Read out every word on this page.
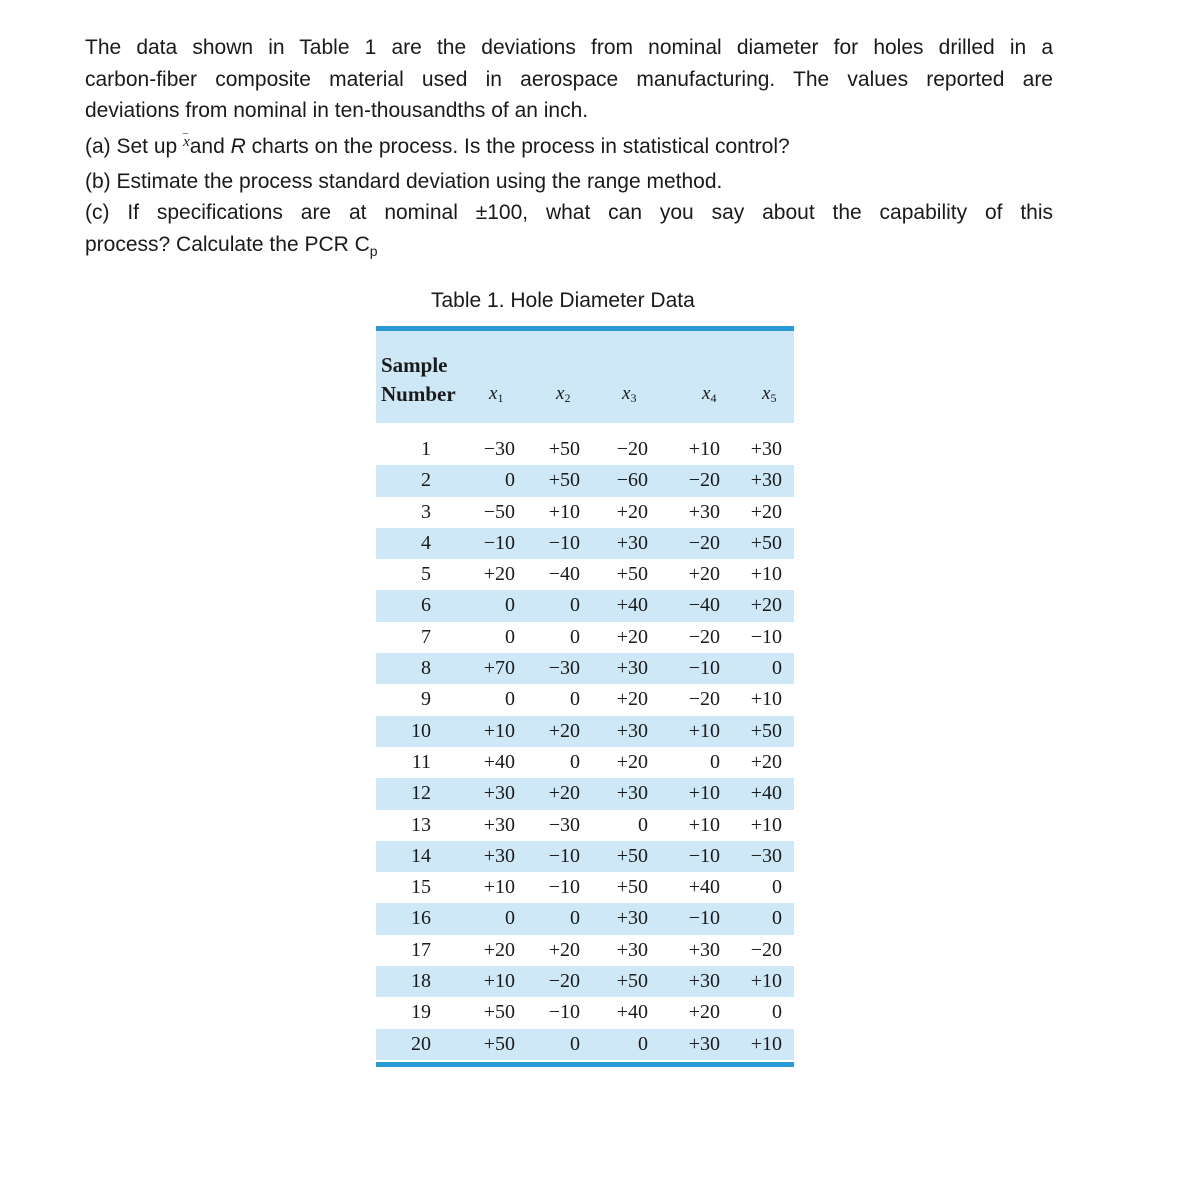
The data shown in Table 1 are the deviations from nominal diameter for holes drilled in a
carbon-fiber composite material used in aerospace manufacturing. The values reported are
deviations from nominal in ten-thousandths of an inch.
(a) Set up ‾ $^x$and R charts on the process. Is the process in statistical control?
(b) Estimate the process standard deviation using the range method.
(c) If specifications are at nominal ±100, what can you say about the capability of this
process? Calculate the PCR $C_p$
Table 1. Hole Diameter Data
Sample
Number $x_1$	$x_2$	$x_3$	$x_4$ $x_5$
1	−30	+50	−20	+10	+30
2	0	+50	−60	−20	+30
3	−50	+10	+20	+30	+20
4	−10	−10	+30	−20	+50
5	+20	−40	+50	+20	+10
6	0	0	+40	−40	+20
7	0	0	+20	−20	−10
8	+70	−30	+30	−10	0
9	0	0	+20	−20	+10
10	+10	+20	+30	+10	+50
11	+40	0	+20	0	+20
12	+30	+20	+30	+10	+40
13	+30	−30	0	+10	+10
14	+30	−10	+50	−10	−30
15	+10	−10	+50	+40	0
16	0	0	+30	−10	0
17	+20	+20	+30	+30	−20
18	+10	−20	+50	+30	+10
19	+50	−10	+40	+20	0
20	+50	0	0	+30	+10
